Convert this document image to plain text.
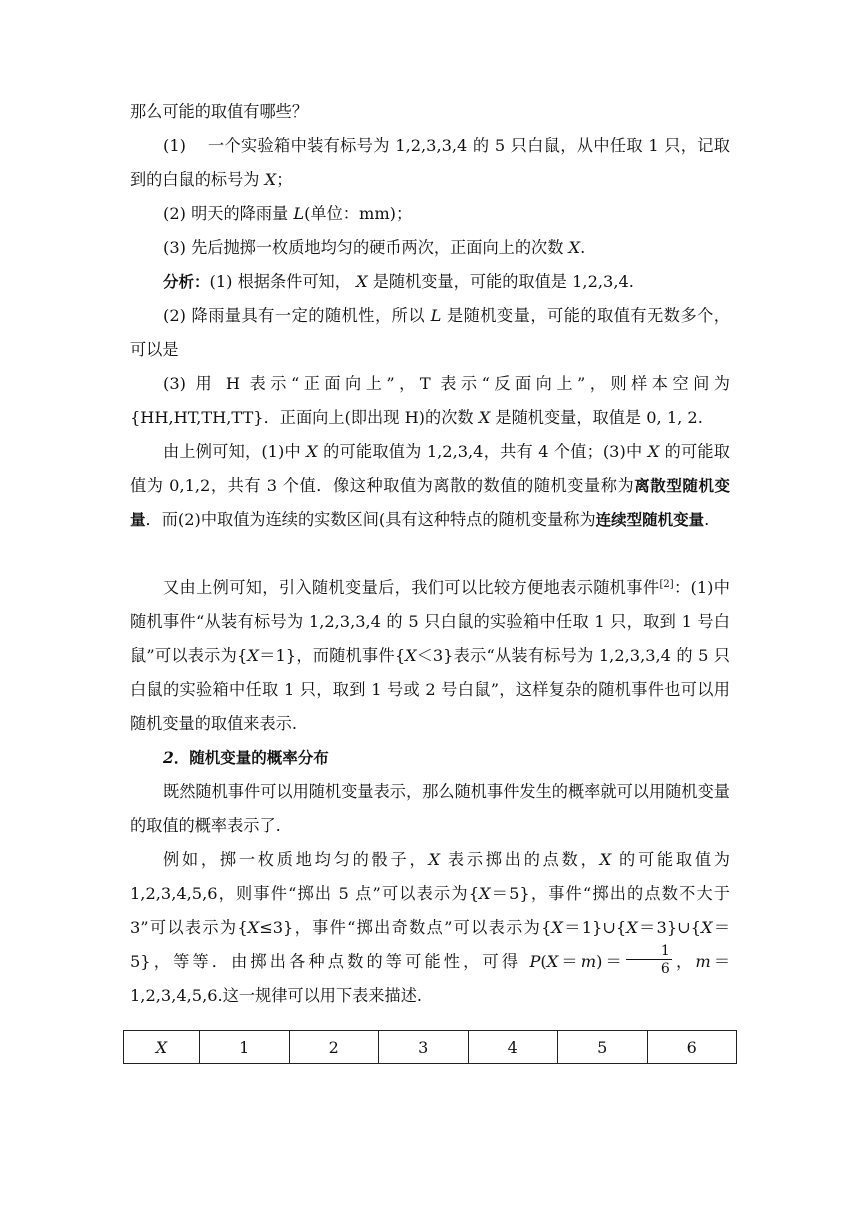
那么可能的取值有哪些？

(1) 一个实验箱中装有标号为 1,2,3,3,4 的 5 只白鼠，从中任取 1 只，记取到的白鼠的标号为 X；

(2) 明天的降雨量 L(单位：mm)；

(3) 先后抛掷一枚质地均匀的硬币两次，正面向上的次数 X.

分析：(1) 根据条件可知， X 是随机变量，可能的取值是 1,2,3,4.

(2) 降雨量具有一定的随机性，所以 L 是随机变量，可能的取值有无数多个，可以是

(3) 用 H 表示“正面向上”，T 表示“反面向上”，则样本空间为 {HH,HT,TH,TT}．正面向上(即出现 H)的次数 X 是随机变量，取值是 0, 1, 2.

由上例可知，(1)中 X 的可能取值为 1,2,3,4，共有 4 个值；(3)中 X 的可能取值为 0,1,2，共有 3 个值．像这种取值为离散的数值的随机变量称为离散型随机变量．而(2)中取值为连续的实数区间(具有这种特点的随机变量称为连续型随机变量.

又由上例可知，引入随机变量后，我们可以比较方便地表示随机事件[2]：(1)中随机事件“从装有标号为 1,2,3,3,4 的 5 只白鼠的实验箱中任取 1 只，取到 1 号白鼠”可以表示为{X＝1}，而随机事件{X＜3}表示“从装有标号为 1,2,3,3,4 的 5 只白鼠的实验箱中任取 1 只，取到 1 号或 2 号白鼠”，这样复杂的随机事件也可以用随机变量的取值来表示.

2．随机变量的概率分布

既然随机事件可以用随机变量表示，那么随机事件发生的概率就可以用随机变量的取值的概率表示了.

例如，掷一枚质地均匀的骰子，X 表示掷出的点数，X 的可能取值为 1,2,3,4,5,6，则事件“掷出 5 点”可以表示为{X＝5}，事件“掷出的点数不大于 3”可以表示为{X≤3}，事件“掷出奇数点”可以表示为{X＝1}∪{X＝3}∪{X＝5}，等等．由掷出各种点数的等可能性，可得 $P(X=m)= \frac{1}{6}$ ，m＝1,2,3,4,5,6.这一规律可以用下表来描述.

X	1	2	3	4	5	6
